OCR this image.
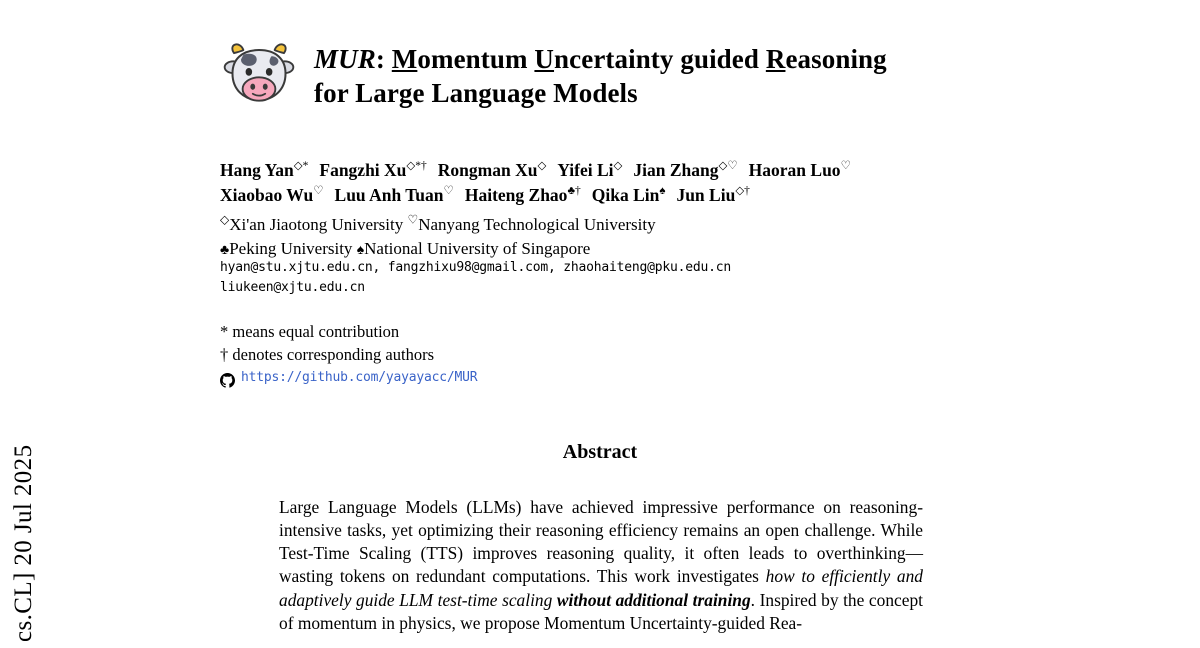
cs.CL] 20 Jul 2025
MUR: Momentum Uncertainty guided Reasoning
for Large Language Models
Hang Yan◇* Fangzhi Xu◇*† Rongman Xu◇ Yifei Li◇ Jian Zhang◇♡ Haoran Luo♡
Xiaobao Wu♡ Luu Anh Tuan♡ Haiteng Zhao♣† Qika Lin♠ Jun Liu◇†
◇Xi'an Jiaotong University ♡Nanyang Technological University
♣Peking University ♠National University of Singapore
hyan@stu.xjtu.edu.cn, fangzhixu98@gmail.com, zhaohaiteng@pku.edu.cn
liukeen@xjtu.edu.cn
* means equal contribution
† denotes corresponding authors
https://github.com/yayayacc/MUR
Abstract
Large Language Models (LLMs) have achieved impressive performance on reasoning-intensive tasks, yet optimizing their reasoning efficiency remains an open challenge. While Test-Time Scaling (TTS) improves reasoning quality, it often leads to overthinking—wasting tokens on redundant computations. This work investigates how to efficiently and adaptively guide LLM test-time scaling without additional training. Inspired by the concept of momentum in physics, we propose Momentum Uncertainty-guided Rea-
